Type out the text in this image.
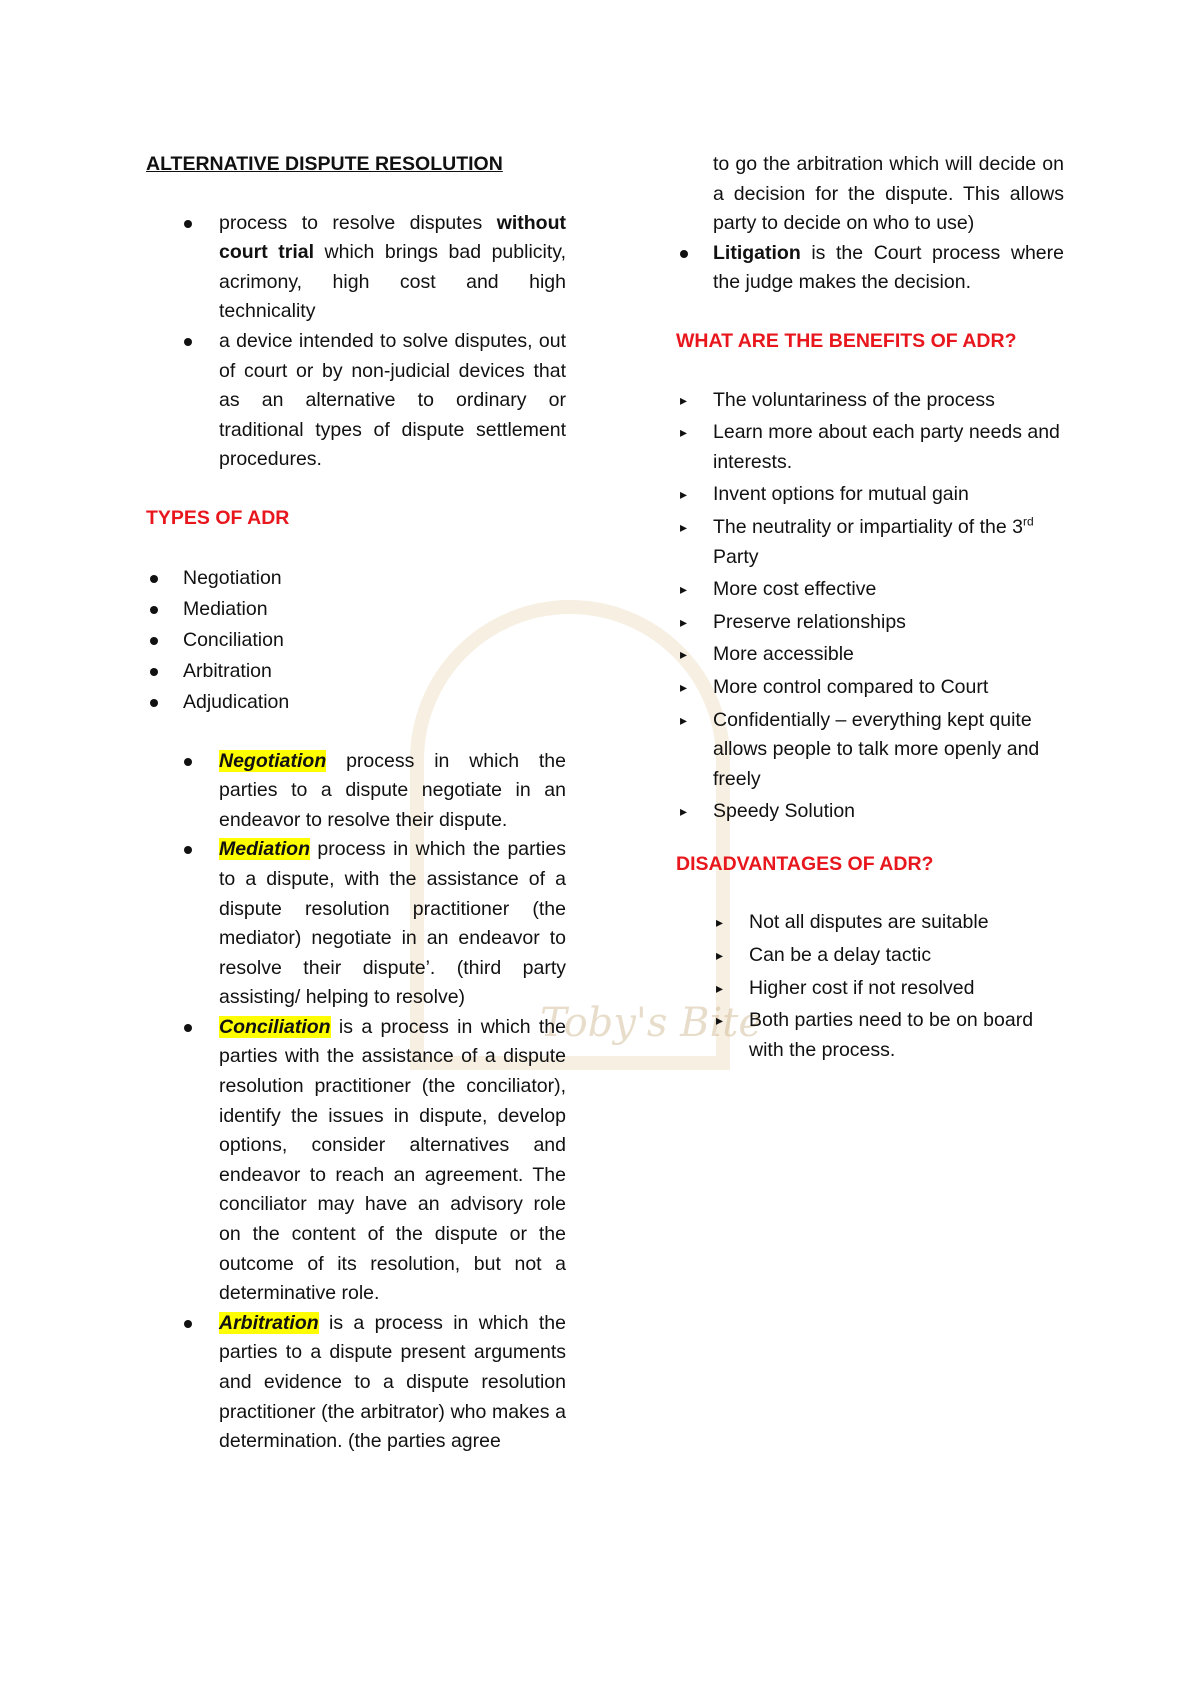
Toby's Bite

ALTERNATIVE DISPUTE RESOLUTION

process to resolve disputes without court trial which brings bad publicity, acrimony, high cost and high technicality
a device intended to solve disputes, out of court or by non-judicial devices that as an alternative to ordinary or traditional types of dispute settlement procedures.

TYPES OF ADR

Negotiation
Mediation
Conciliation
Arbitration
Adjudication
Negotiation process in which the parties to a dispute negotiate in an endeavor to resolve their dispute.
Mediation process in which the parties to a dispute, with the assistance of a dispute resolution practitioner (the mediator) negotiate in an endeavor to resolve their dispute’. (third party assisting/ helping to resolve)
Conciliation is a process in which the parties with the assistance of a dispute resolution practitioner (the conciliator), identify the issues in dispute, develop options, consider alternatives and endeavor to reach an agreement. The conciliator may have an advisory role on the content of the dispute or the outcome of its resolution, but not a determinative role.
Arbitration is a process in which the parties to a dispute present arguments and evidence to a dispute resolution practitioner (the arbitrator) who makes a determination. (the parties agree
to go the arbitration which will decide on a decision for the dispute. This allows party to decide on who to use)
Litigation is the Court process where the judge makes the decision.

WHAT ARE THE BENEFITS OF ADR?

▸ The voluntariness of the process
▸ Learn more about each party needs and interests.
▸ Invent options for mutual gain
▸ The neutrality or impartiality of the 3rd Party
▸ More cost effective
▸ Preserve relationships
▸ More accessible
▸ More control compared to Court
▸ Confidentially – everything kept quite allows people to talk more openly and freely
▸ Speedy Solution

DISADVANTAGES OF ADR?

▸ Not all disputes are suitable
▸ Can be a delay tactic
▸ Higher cost if not resolved
▸ Both parties need to be on board with the process.
